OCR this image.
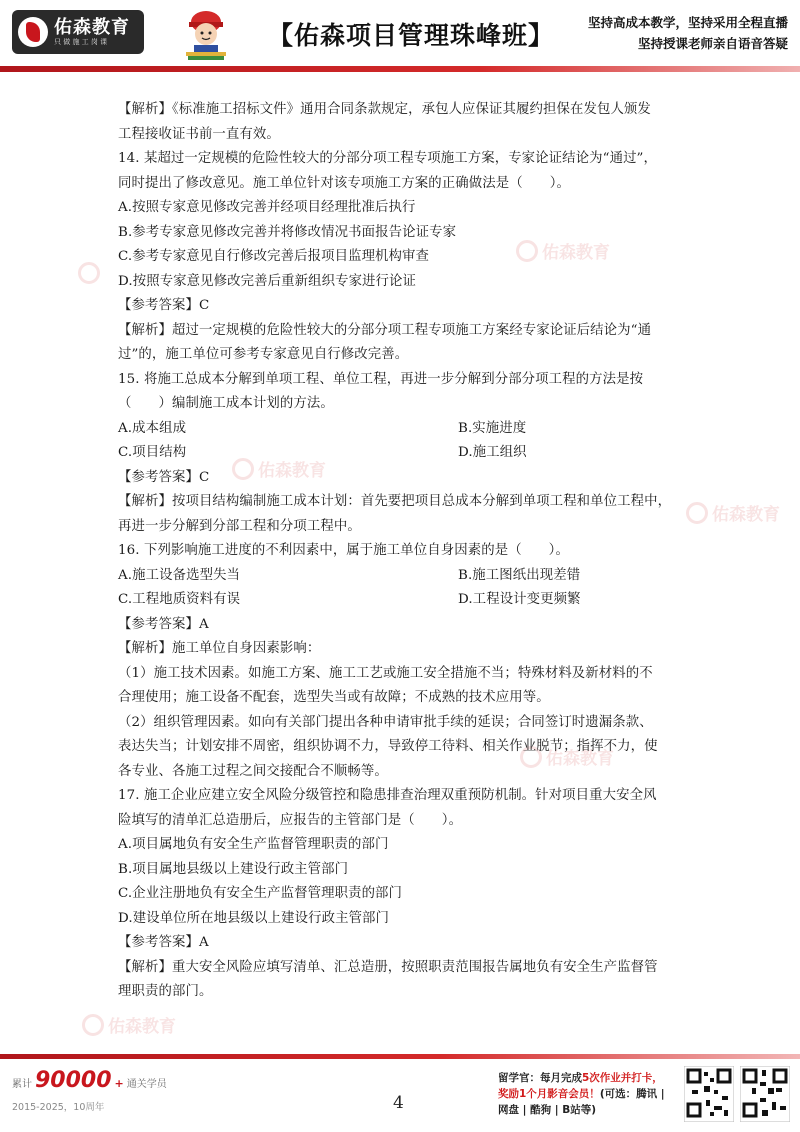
佑森教育
只 做 施 工 岗 课	【佑森项目管理珠峰班】	坚持高成本教学，坚持采用全程直播
坚持授课老师亲自语音答疑
佑森教育
佑森教育
佑森教育
佑森教育
佑森教育

【解析】《标准施工招标文件》通用合同条款规定，承包人应保证其履约担保在发包人颁发

工程接收证书前一直有效。

14. 某超过一定规模的危险性较大的分部分项工程专项施工方案，专家论证结论为“通过”，

同时提出了修改意见。施工单位针对该专项施工方案的正确做法是（　　）。

A.按照专家意见修改完善并经项目经理批准后执行

B.参考专家意见修改完善并将修改情况书面报告论证专家

C.参考专家意见自行修改完善后报项目监理机构审查

D.按照专家意见修改完善后重新组织专家进行论证

【参考答案】C

【解析】超过一定规模的危险性较大的分部分项工程专项施工方案经专家论证后结论为“通

过”的，施工单位可参考专家意见自行修改完善。

15. 将施工总成本分解到单项工程、单位工程，再进一步分解到分部分项工程的方法是按

（　　）编制施工成本计划的方法。

A.成本组成	B.实施进度
C.项目结构	D.施工组织

【参考答案】C

【解析】按项目结构编制施工成本计划：首先要把项目总成本分解到单项工程和单位工程中，

再进一步分解到分部工程和分项工程中。

16. 下列影响施工进度的不利因素中，属于施工单位自身因素的是（　　）。

A.施工设备选型失当	B.施工图纸出现差错
C.工程地质资料有误	D.工程设计变更频繁

【参考答案】A

【解析】施工单位自身因素影响：

（1）施工技术因素。如施工方案、施工工艺或施工安全措施不当；特殊材料及新材料的不

合理使用；施工设备不配套，选型失当或有故障；不成熟的技术应用等。

（2）组织管理因素。如向有关部门提出各种申请审批手续的延误；合同签订时遗漏条款、

表达失当；计划安排不周密，组织协调不力，导致停工待料、相关作业脱节；指挥不力，使

各专业、各施工过程之间交接配合不顺畅等。

17. 施工企业应建立安全风险分级管控和隐患排查治理双重预防机制。针对项目重大安全风

险填写的清单汇总造册后，应报告的主管部门是（　　）。

A.项目属地负有安全生产监督管理职责的部门

B.项目属地县级以上建设行政主管部门

C.企业注册地负有安全生产监督管理职责的部门

D.建设单位所在地县级以上建设行政主管部门

【参考答案】A

【解析】重大安全风险应填写清单、汇总造册，按照职责范围报告属地负有安全生产监督管

理职责的部门。

累计 90000 + 通关学员
2015-2025，10周年	4
留学官：每月完成5次作业并打卡，
奖励1个月影音会员！(可选：腾讯 |
网盘 | 酷狗 | B站等)
